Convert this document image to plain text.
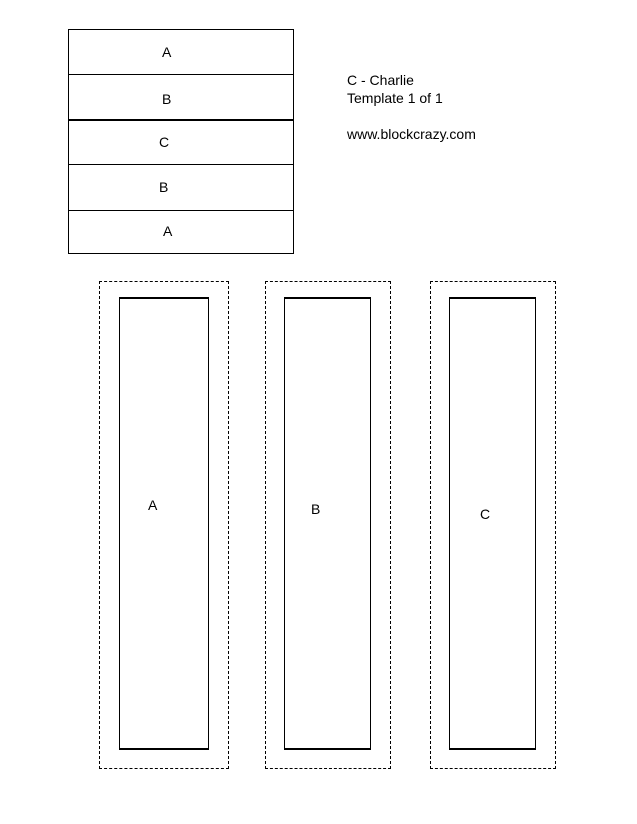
A
B
C
B
A
C - Charlie
Template 1 of 1
www.blockcrazy.com
A	B	C
